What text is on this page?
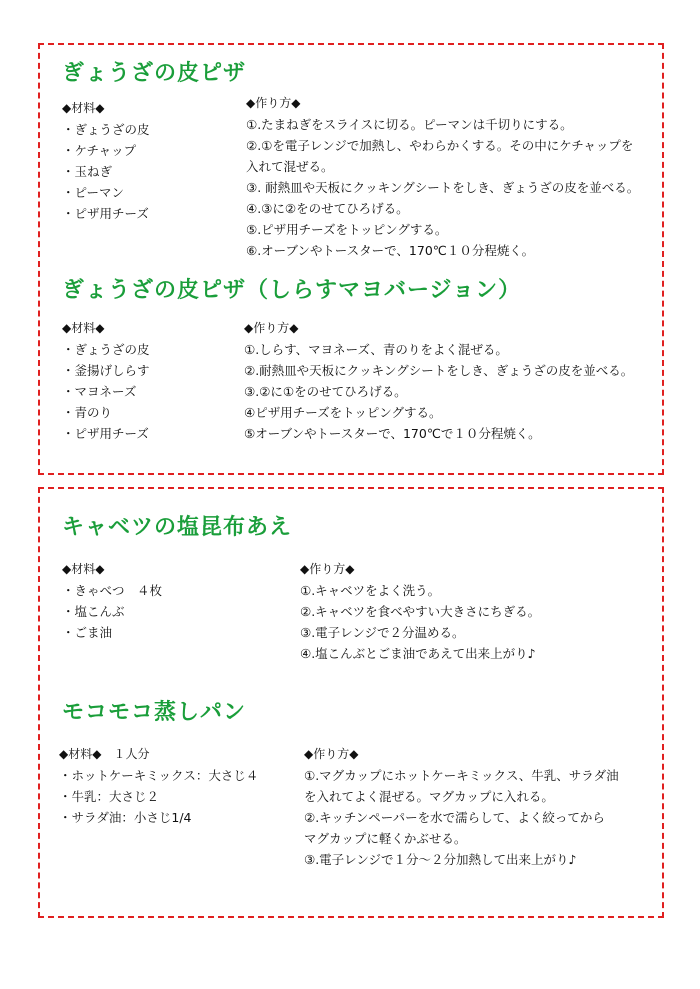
ぎょうざの皮ピザ
◆材料◆
・ ぎょうざの皮
・ ケチャップ
・ 玉ねぎ
・ ピーマン
・ ピザ用チーズ
◆作り方◆
①.たまねぎをスライスに切る。ピーマンは千切りにする。
②.①を電子レンジで加熱し、やわらかくする。その中にケチャップを
入れて混ぜる。
③. 耐熱皿や天板にクッキングシートをしき、ぎょうざの皮を並べる。
④.③に②をのせてひろげる。
⑤.ピザ用チーズをトッピングする。
⑥.オーブンやトースターで、170℃１０分程焼く。
ぎょうざの皮ピザ（しらすマヨバージョン）
◆材料◆
・ ぎょうざの皮
・ 釜揚げしらす
・ マヨネーズ
・ 青のり
・ ピザ用チーズ
◆作り方◆
①.しらす、マヨネーズ、青のりをよく混ぜる。
②.耐熱皿や天板にクッキングシートをしき、ぎょうざの皮を並べる。
③.②に①をのせてひろげる。
④ピザ用チーズをトッピングする。
⑤オーブンやトースターで、170℃で１０分程焼く。
キャベツの塩昆布あえ
◆材料◆
・ きゃべつ　４枚
・ 塩こんぶ
・ ごま油
◆作り方◆
①.キャベツをよく洗う。
②.キャベツを食べやすい大きさにちぎる。
③.電子レンジで２分温める。
④.塩こんぶとごま油であえて出来上がり♪
モコモコ蒸しパン
◆材料◆　１人分
・ ホットケーキミックス：大さじ４
・ 牛乳：大さじ２
・ サラダ油：小さじ1/4
◆作り方◆
①.マグカップにホットケーキミックス、牛乳、サラダ油
を入れてよく混ぜる。マグカップに入れる。
②.キッチンペーパーを水で濡らして、よく絞ってから
マグカップに軽くかぶせる。
③.電子レンジで１分～２分加熱して出来上がり♪
